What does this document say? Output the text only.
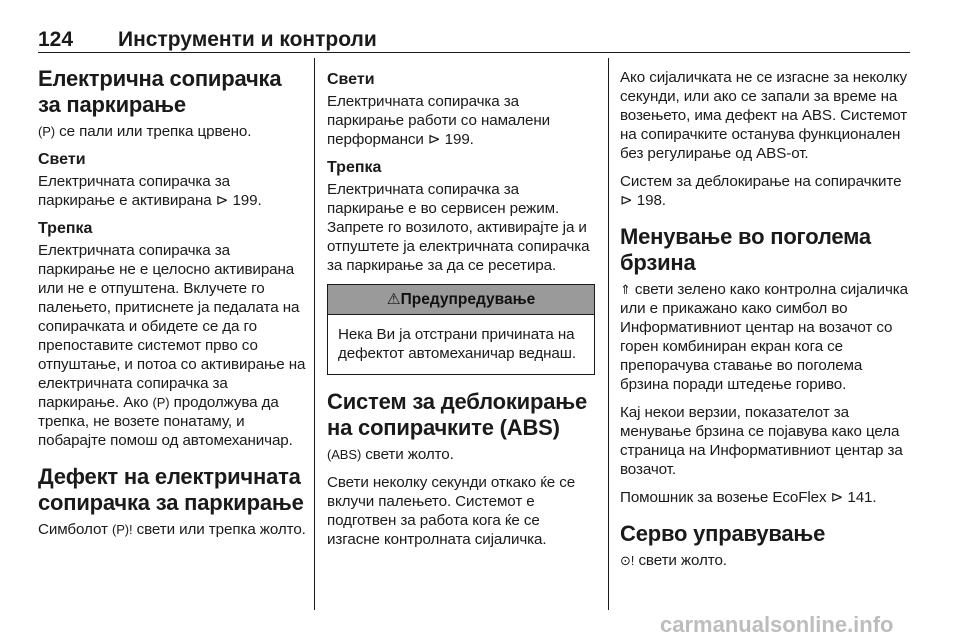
124 Инструменти и контроли
Електрична сопирачка за паркирање

(P) се пали или трепка црвено.

Свети

Електричната сопирачка за паркирање е активирана ⊳ 199.

Трепка

Електричната сопирачка за паркирање не е целосно активирана или не е отпуштена. Вклучете го палењето, притиснете ја педалата на сопирачката и обидете се да го препоставите системот прво со отпуштање, и потоа со активирање на електричната сопирачка за паркирање. Ако (P) продолжува да трепка, не возете понатаму, и побарајте помош од автомеханичар.

Дефект на електричната сопирачка за паркирање

Симболот (P)! свети или трепка жолто.

Свети

Електричната сопирачка за паркирање работи со намалени перформанси ⊳ 199.

Трепка

Електричната сопирачка за паркирање е во сервисен режим. Запрете го возилото, активирајте ја и отпуштете ја електричната сопирачка за паркирање за да се ресетира.

⚠Предупредување

Нека Ви ја отстрани причината на дефектот автомеханичар веднаш.

Систем за деблокирање на сопирачките (ABS)

(ABS) свети жолто.

Свети неколку секунди откако ќе се вклучи палењето. Системот е подготвен за работа кога ќе се изгасне контролната сијаличка.

Ако сијаличката не се изгасне за неколку секунди, или ако се запали за време на возењето, има дефект на ABS. Системот на сопирачките останува функционален без регулирање од ABS-от.

Систем за деблокирање на сопирачките ⊳ 198.

Менување во поголема брзина

⇑ свети зелено како контролна сијаличка или е прикажано како симбол во Информативниот центар на возачот со горен комбиниран екран кога се препорачува ставање во поголема брзина поради штедење гориво.

Кај некои верзии, показателот за менување брзина се појавува како цела страница на Информативниот центар за возачот.

Помошник за возење EcoFlex ⊳ 141.

Серво управување

⊙! свети жолто.

carmanualsonline.info
